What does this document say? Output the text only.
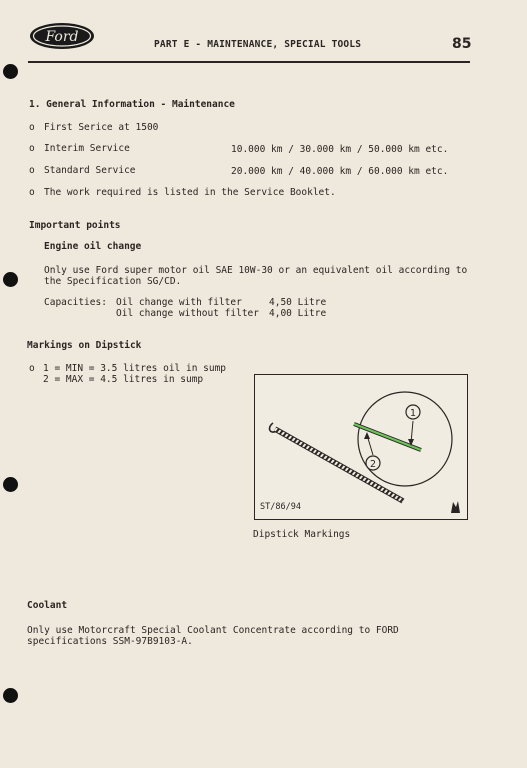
Ford	PART E - MAINTENANCE, SPECIAL TOOLS	85
1. General Information - Maintenance
o First Serice at 1500
o Interim Service	10.000 km / 30.000 km / 50.000 km etc.
o Standard Service	20.000 km / 40.000 km / 60.000 km etc.
o The work required is listed in the Service Booklet.
Important points
Engine oil change
Only use Ford super motor oil SAE 10W-30 or an equivalent oil according to
the Specification SG/CD.
Capacities: Oil change with filter	4,50 Litre
Oil change without filter 4,00 Litre
Markings on Dipstick
o 1 = MIN = 3.5 litres oil in sump
2 = MAX = 4.5 litres in sump
1
2
ST/86/94
Dipstick Markings
Coolant
Only use Motorcraft Special Coolant Concentrate according to FORD
specifications SSM-97B9103-A.
